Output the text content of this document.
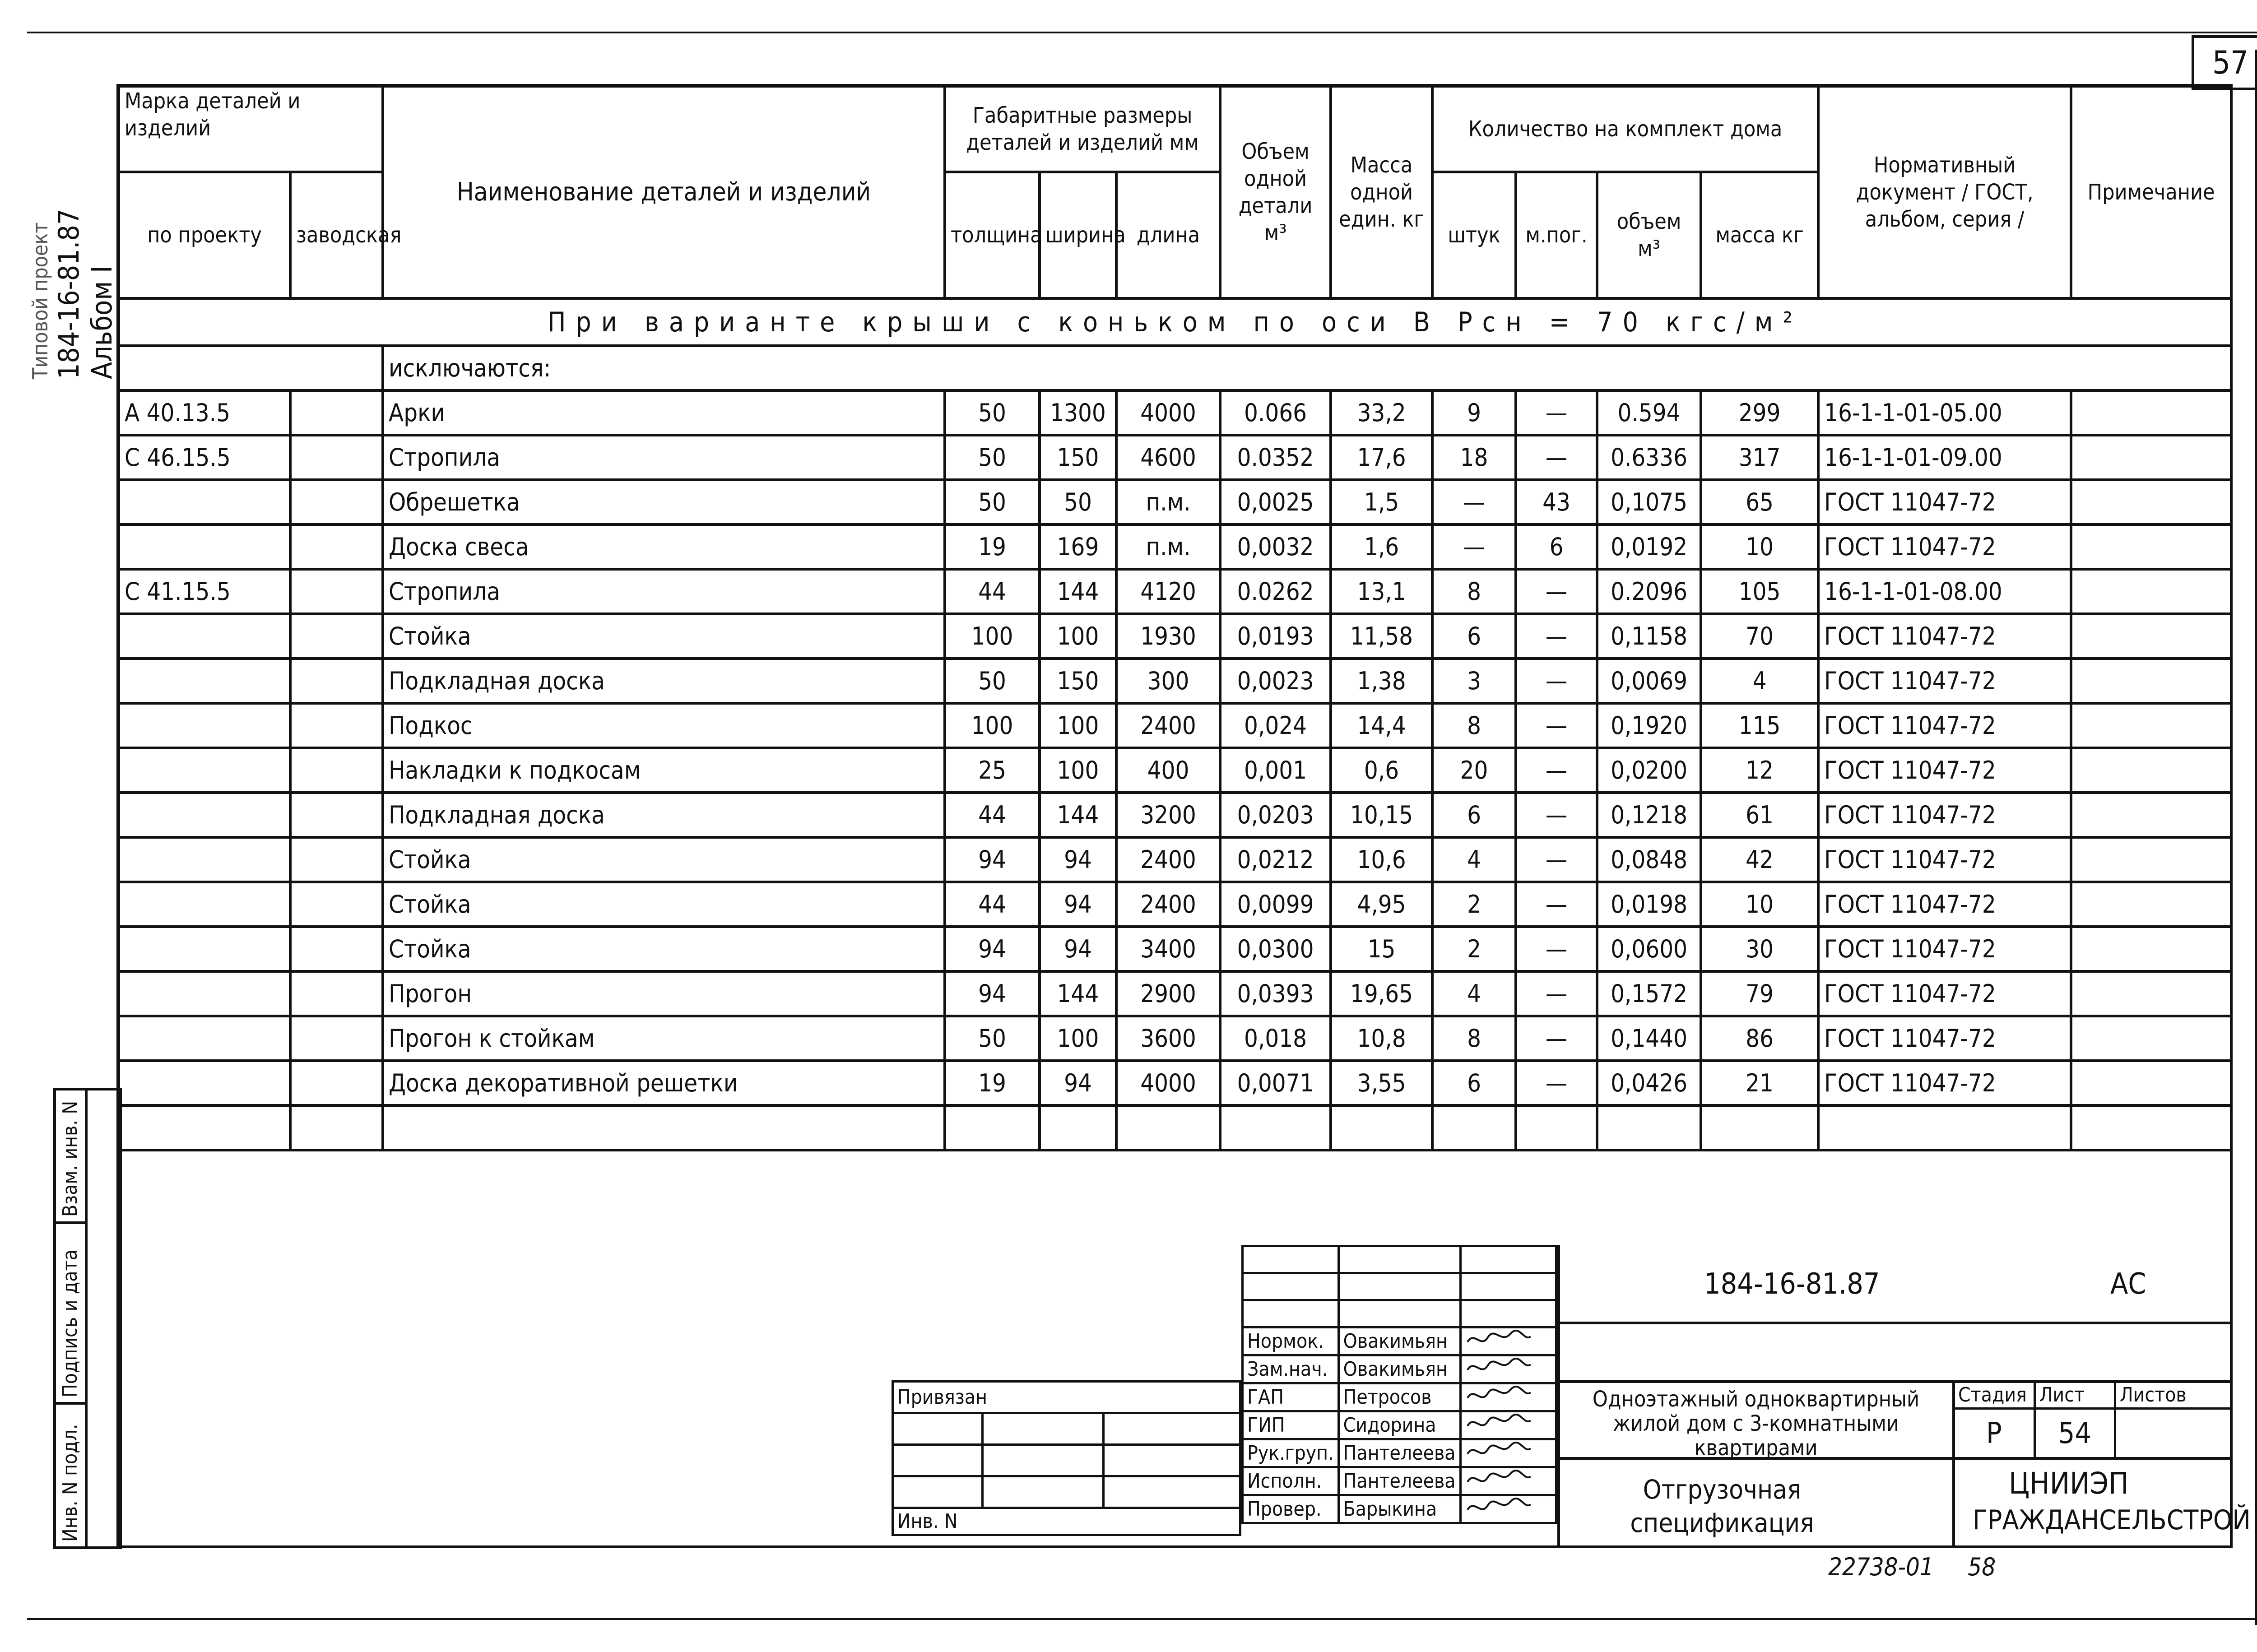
57
Типовой проект 184-16-81.87 Альбом I
Инв. N подл.
Подпись и дата
Взам. инв. N
Марка деталей и изделий		Наименование деталей и изделий	Габаритные размеры деталей и изделий мм			Объем одной детали м³	Масса одной един. кг	Количество на комплект дома				Нормативный документ / ГОСТ, альбом, серия /	Примечание
по проекту	заводская		толщина	ширина	длина			штук	м.пог.	объем м³	масса кг		
При варианте крыши с коньком по оси В Pсн = 70 кгс/м²													
		исключаются:											
А 40.13.5		Арки	50	1300	4000	0.066	33,2	9	—	0.594	299	16-1-1-01-05.00	
С 46.15.5		Стропила	50	150	4600	0.0352	17,6	18	—	0.6336	317	16-1-1-01-09.00	
		Обрешетка	50	50	п.м.	0,0025	1,5	—	43	0,1075	65	ГОСТ 11047-72	
		Доска свеса	19	169	п.м.	0,0032	1,6	—	6	0,0192	10	ГОСТ 11047-72	
С 41.15.5		Стропила	44	144	4120	0.0262	13,1	8	—	0.2096	105	16-1-1-01-08.00	
		Стойка	100	100	1930	0,0193	11,58	6	—	0,1158	70	ГОСТ 11047-72	
		Подкладная доска	50	150	300	0,0023	1,38	3	—	0,0069	4	ГОСТ 11047-72	
		Подкос	100	100	2400	0,024	14,4	8	—	0,1920	115	ГОСТ 11047-72	
		Накладки к подкосам	25	100	400	0,001	0,6	20	—	0,0200	12	ГОСТ 11047-72	
		Подкладная доска	44	144	3200	0,0203	10,15	6	—	0,1218	61	ГОСТ 11047-72	
		Стойка	94	94	2400	0,0212	10,6	4	—	0,0848	42	ГОСТ 11047-72	
		Стойка	44	94	2400	0,0099	4,95	2	—	0,0198	10	ГОСТ 11047-72	
		Стойка	94	94	3400	0,0300	15	2	—	0,0600	30	ГОСТ 11047-72	
		Прогон	94	144	2900	0,0393	19,65	4	—	0,1572	79	ГОСТ 11047-72	
		Прогон к стойкам	50	100	3600	0,018	10,8	8	—	0,1440	86	ГОСТ 11047-72	
		Доска декоративной решетки	19	94	4000	0,0071	3,55	6	—	0,0426	21	ГОСТ 11047-72	

Нормок.	Овакимьян	
Зам.нач.	Овакимьян	
ГАП	Петросов	
ГИП	Сидорина	
Рук.груп.	Пантелеева	
Исполн.	Пантелеева	
Провер.	Барыкина	
Привязан		

Инв. N		
184-16-81.87	АС
Одноэтажный одноквартирный жилой дом с 3-комнатными квартирами
Стадия	Лист	Листов
Р	54	
Отгрузочная спецификация
ЦНИИЭП
ГРАЖДАНСЕЛЬСТРОЙ
22738-01 58
